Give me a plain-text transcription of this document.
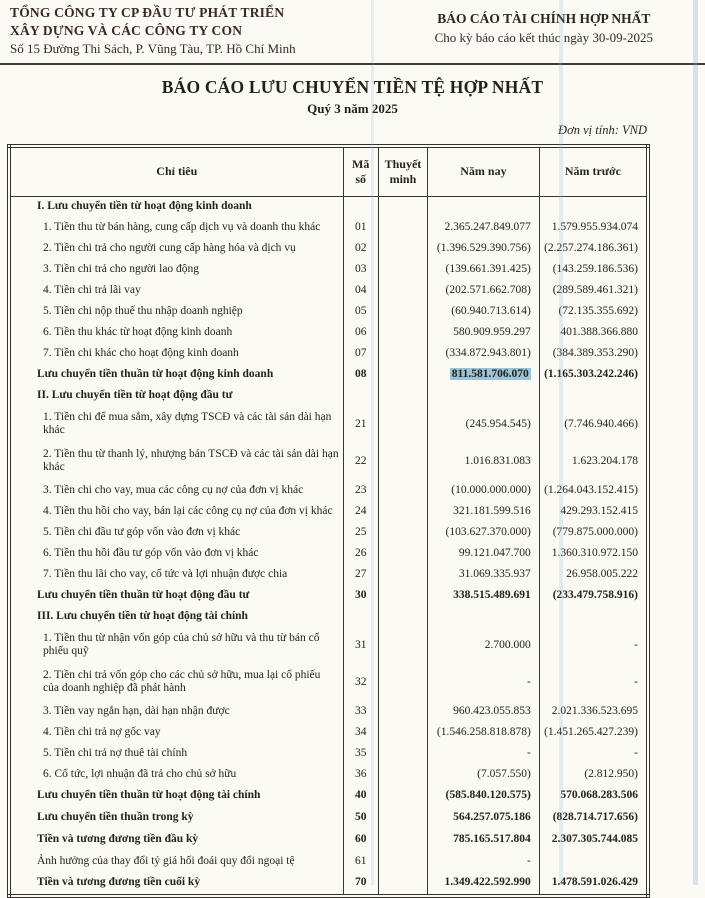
TỔNG CÔNG TY CP ĐẦU TƯ PHÁT TRIỂN
XÂY DỰNG VÀ CÁC CÔNG TY CON
Số 15 Đường Thi Sách, P. Vũng Tàu, TP. Hồ Chí Minh
BÁO CÁO TÀI CHÍNH HỢP NHẤT
Cho kỳ báo cáo kết thúc ngày 30-09-2025
BÁO CÁO LƯU CHUYỂN TIỀN TỆ HỢP NHẤT
Quý 3 năm 2025
Đơn vị tính: VND
Chỉ tiêu	Mã số	Thuyết minh	Năm nay	Năm trước
I. Lưu chuyển tiền từ hoạt động kinh doanh				
1. Tiền thu từ bán hàng, cung cấp dịch vụ và doanh thu khác	01		2.365.247.849.077	1.579.955.934.074
2. Tiền chi trả cho người cung cấp hàng hóa và dịch vụ	02		(1.396.529.390.756)	(2.257.274.186.361)
3. Tiền chi trả cho người lao động	03		(139.661.391.425)	(143.259.186.536)
4. Tiền chi trả lãi vay	04		(202.571.662.708)	(289.589.461.321)
5. Tiền chi nộp thuế thu nhập doanh nghiệp	05		(60.940.713.614)	(72.135.355.692)
6. Tiền thu khác từ hoạt động kinh doanh	06		580.909.959.297	401.388.366.880
7. Tiền chi khác cho hoạt động kinh doanh	07		(334.872.943.801)	(384.389.353.290)
Lưu chuyển tiền thuần từ hoạt động kinh doanh	08		811.581.706.070	(1.165.303.242.246)
II. Lưu chuyển tiền từ hoạt động đầu tư				
1. Tiền chi để mua sắm, xây dựng TSCĐ và các tài sản dài hạn khác	21		(245.954.545)	(7.746.940.466)
2. Tiền thu từ thanh lý, nhượng bán TSCĐ và các tài sản dài hạn khác	22		1.016.831.083	1.623.204.178
3. Tiền chi cho vay, mua các công cụ nợ của đơn vị khác	23		(10.000.000.000)	(1.264.043.152.415)
4. Tiền thu hồi cho vay, bán lại các công cụ nợ của đơn vị khác	24		321.181.599.516	429.293.152.415
5. Tiền chi đầu tư góp vốn vào đơn vị khác	25		(103.627.370.000)	(779.875.000.000)
6. Tiền thu hồi đầu tư góp vốn vào đơn vị khác	26		99.121.047.700	1.360.310.972.150
7. Tiền thu lãi cho vay, cổ tức và lợi nhuận được chia	27		31.069.335.937	26.958.005.222
Lưu chuyển tiền thuần từ hoạt động đầu tư	30		338.515.489.691	(233.479.758.916)
III. Lưu chuyển tiền từ hoạt động tài chính				
1. Tiền thu từ nhận vốn góp của chủ sở hữu và thu từ bán cổ phiếu quỹ	31		2.700.000	-
2. Tiền chi trả vốn góp cho các chủ sở hữu, mua lại cổ phiếu của doanh nghiệp đã phát hành	32		-	-
3. Tiền vay ngắn hạn, dài hạn nhận được	33		960.423.055.853	2.021.336.523.695
4. Tiền chi trả nợ gốc vay	34		(1.546.258.818.878)	(1.451.265.427.239)
5. Tiền chi trả nợ thuê tài chính	35		-	-
6. Cổ tức, lợi nhuận đã trả cho chủ sở hữu	36		(7.057.550)	(2.812.950)
Lưu chuyển tiền thuần từ hoạt động tài chính	40		(585.840.120.575)	570.068.283.506
Lưu chuyển tiền thuần trong kỳ	50		564.257.075.186	(828.714.717.656)
Tiền và tương đương tiền đầu kỳ	60		785.165.517.804	2.307.305.744.085
Ảnh hưởng của thay đổi tỷ giá hối đoái quy đổi ngoại tệ	61		-	
Tiền và tương đương tiền cuối kỳ	70		1.349.422.592.990	1.478.591.026.429
